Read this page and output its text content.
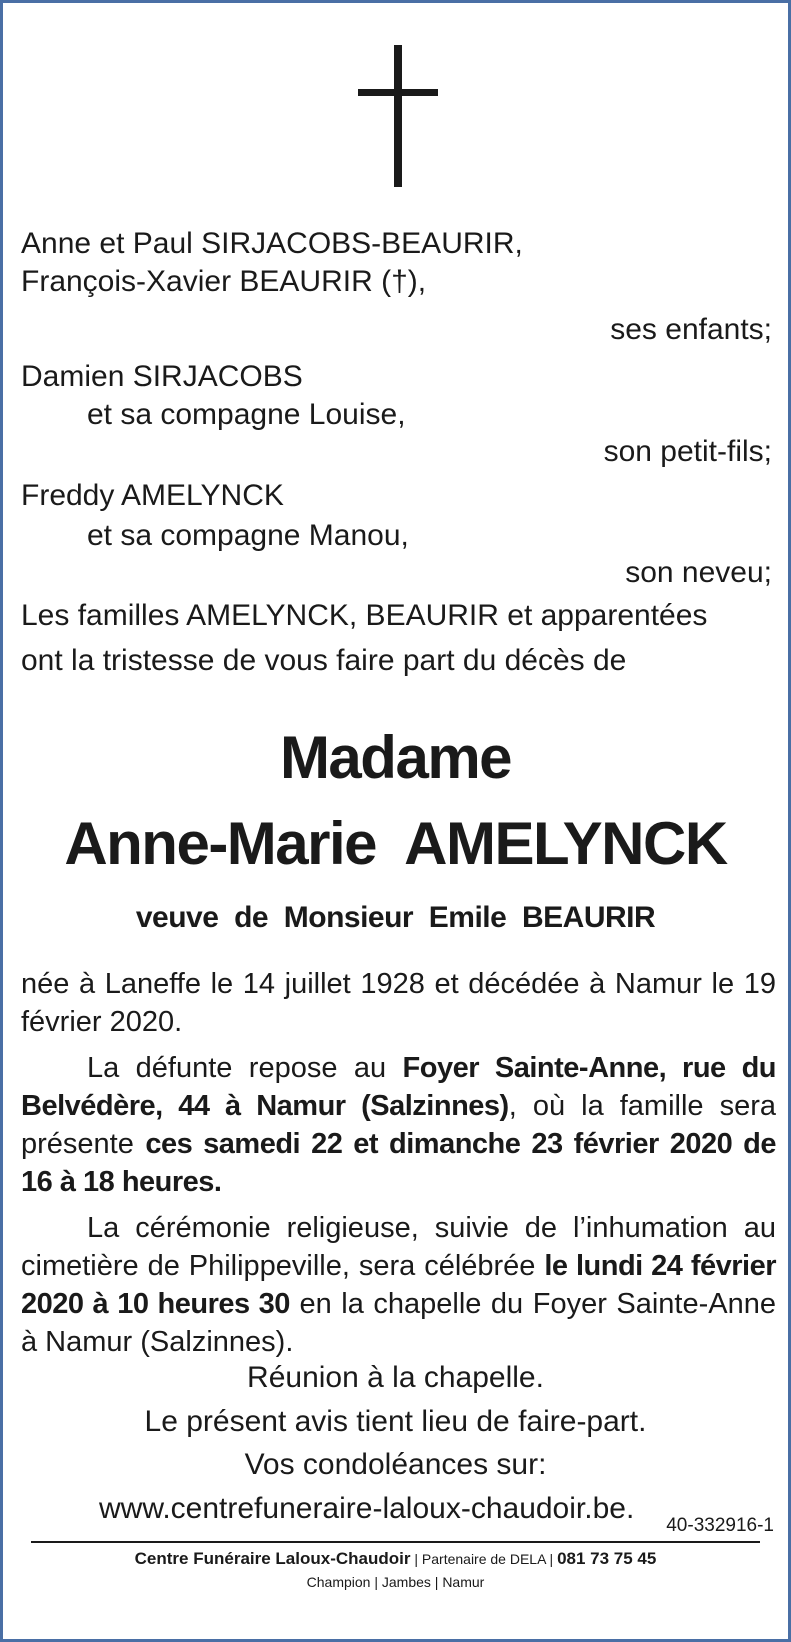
Anne et Paul SIRJACOBS-BEAURIR,
François-Xavier BEAURIR (†),
ses enfants;
Damien SIRJACOBS
et sa compagne Louise,
son petit-fils;
Freddy AMELYNCK
et sa compagne Manou,
son neveu;
Les familles AMELYNCK, BEAURIR et apparentées
ont la tristesse de vous faire part du décès de
Madame
Anne-Marie  AMELYNCK
veuve  de  Monsieur  Emile  BEAURIR

née à Laneffe le 14 juillet 1928 et décédée à Namur le 19 février 2020.

La défunte repose au Foyer Sainte-Anne, rue du Belvédère, 44 à Namur (Salzinnes), où la famille sera présente ces samedi 22 et dimanche 23 février 2020 de 16 à 18 heures.

La cérémonie religieuse, suivie de l’inhumation au cimetière de Philippeville, sera célébrée le lundi 24 février 2020 à 10 heures 30 en la chapelle du Foyer Sainte-Anne à Namur (Salzinnes).

Réunion à la chapelle.
Le présent avis tient lieu de faire-part.
Vos condoléances sur:
www.centrefuneraire-laloux-chaudoir.be.
40-332916-1
Centre Funéraire Laloux-Chaudoir | Partenaire de DELA | 081 73 75 45
Champion | Jambes | Namur
